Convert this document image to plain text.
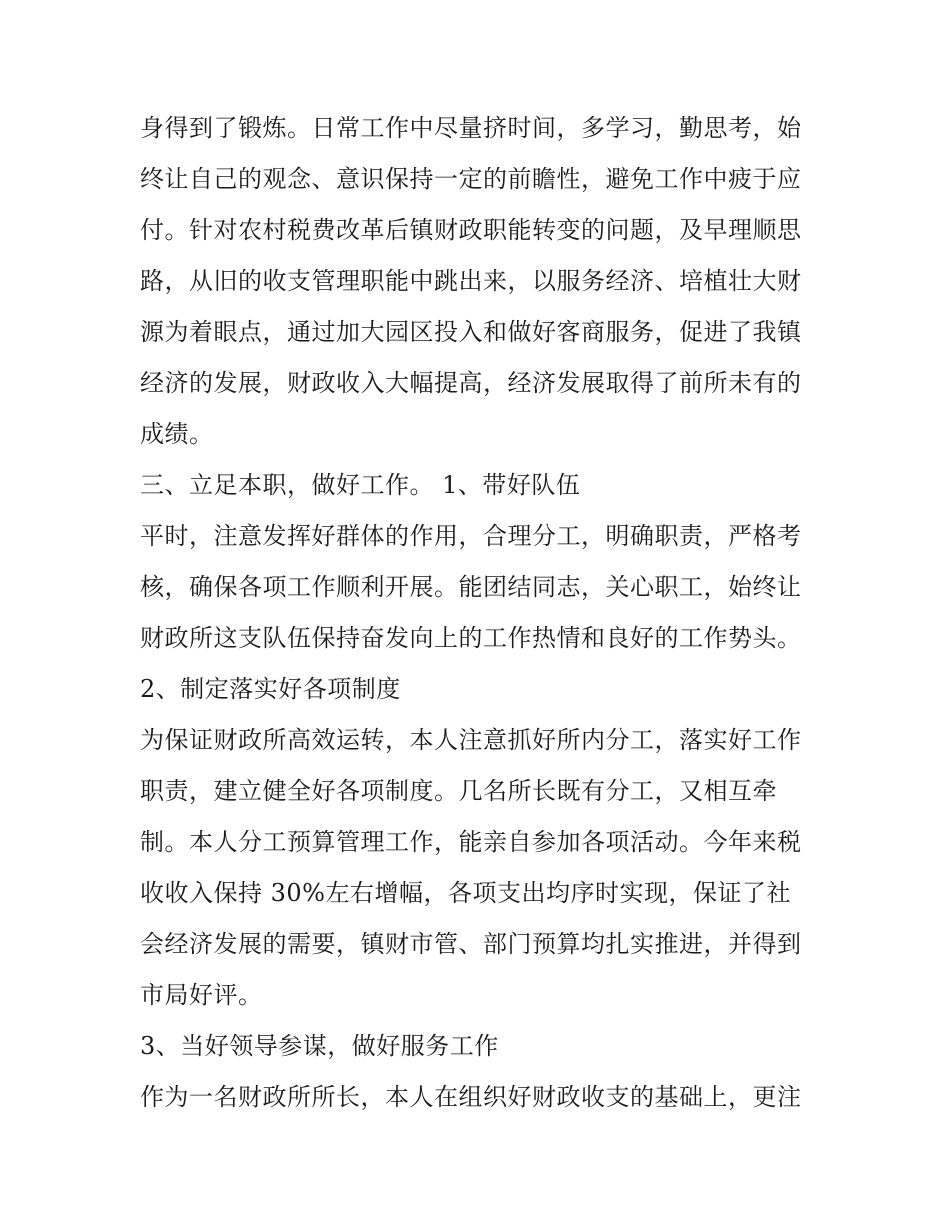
身得到了锻炼。日常工作中尽量挤时间，多学习，勤思考，始
终让自己的观念、意识保持一定的前瞻性，避免工作中疲于应
付。针对农村税费改革后镇财政职能转变的问题，及早理顺思
路，从旧的收支管理职能中跳出来，以服务经济、培植壮大财
源为着眼点，通过加大园区投入和做好客商服务，促进了我镇
经济的发展，财政收入大幅提高，经济发展取得了前所未有的
成绩。
三、立足本职，做好工作。 1、带好队伍
平时，注意发挥好群体的作用，合理分工，明确职责，严格考
核，确保各项工作顺利开展。能团结同志，关心职工，始终让
财政所这支队伍保持奋发向上的工作热情和良好的工作势头。
2、制定落实好各项制度
为保证财政所高效运转，本人注意抓好所内分工，落实好工作
职责，建立健全好各项制度。几名所长既有分工，又相互牵
制。本人分工预算管理工作，能亲自参加各项活动。今年来税
收收入保持 30%左右增幅，各项支出均序时实现，保证了社
会经济发展的需要，镇财市管、部门预算均扎实推进，并得到
市局好评。
3、当好领导参谋，做好服务工作
作为一名财政所所长，本人在组织好财政收支的基础上，更注
